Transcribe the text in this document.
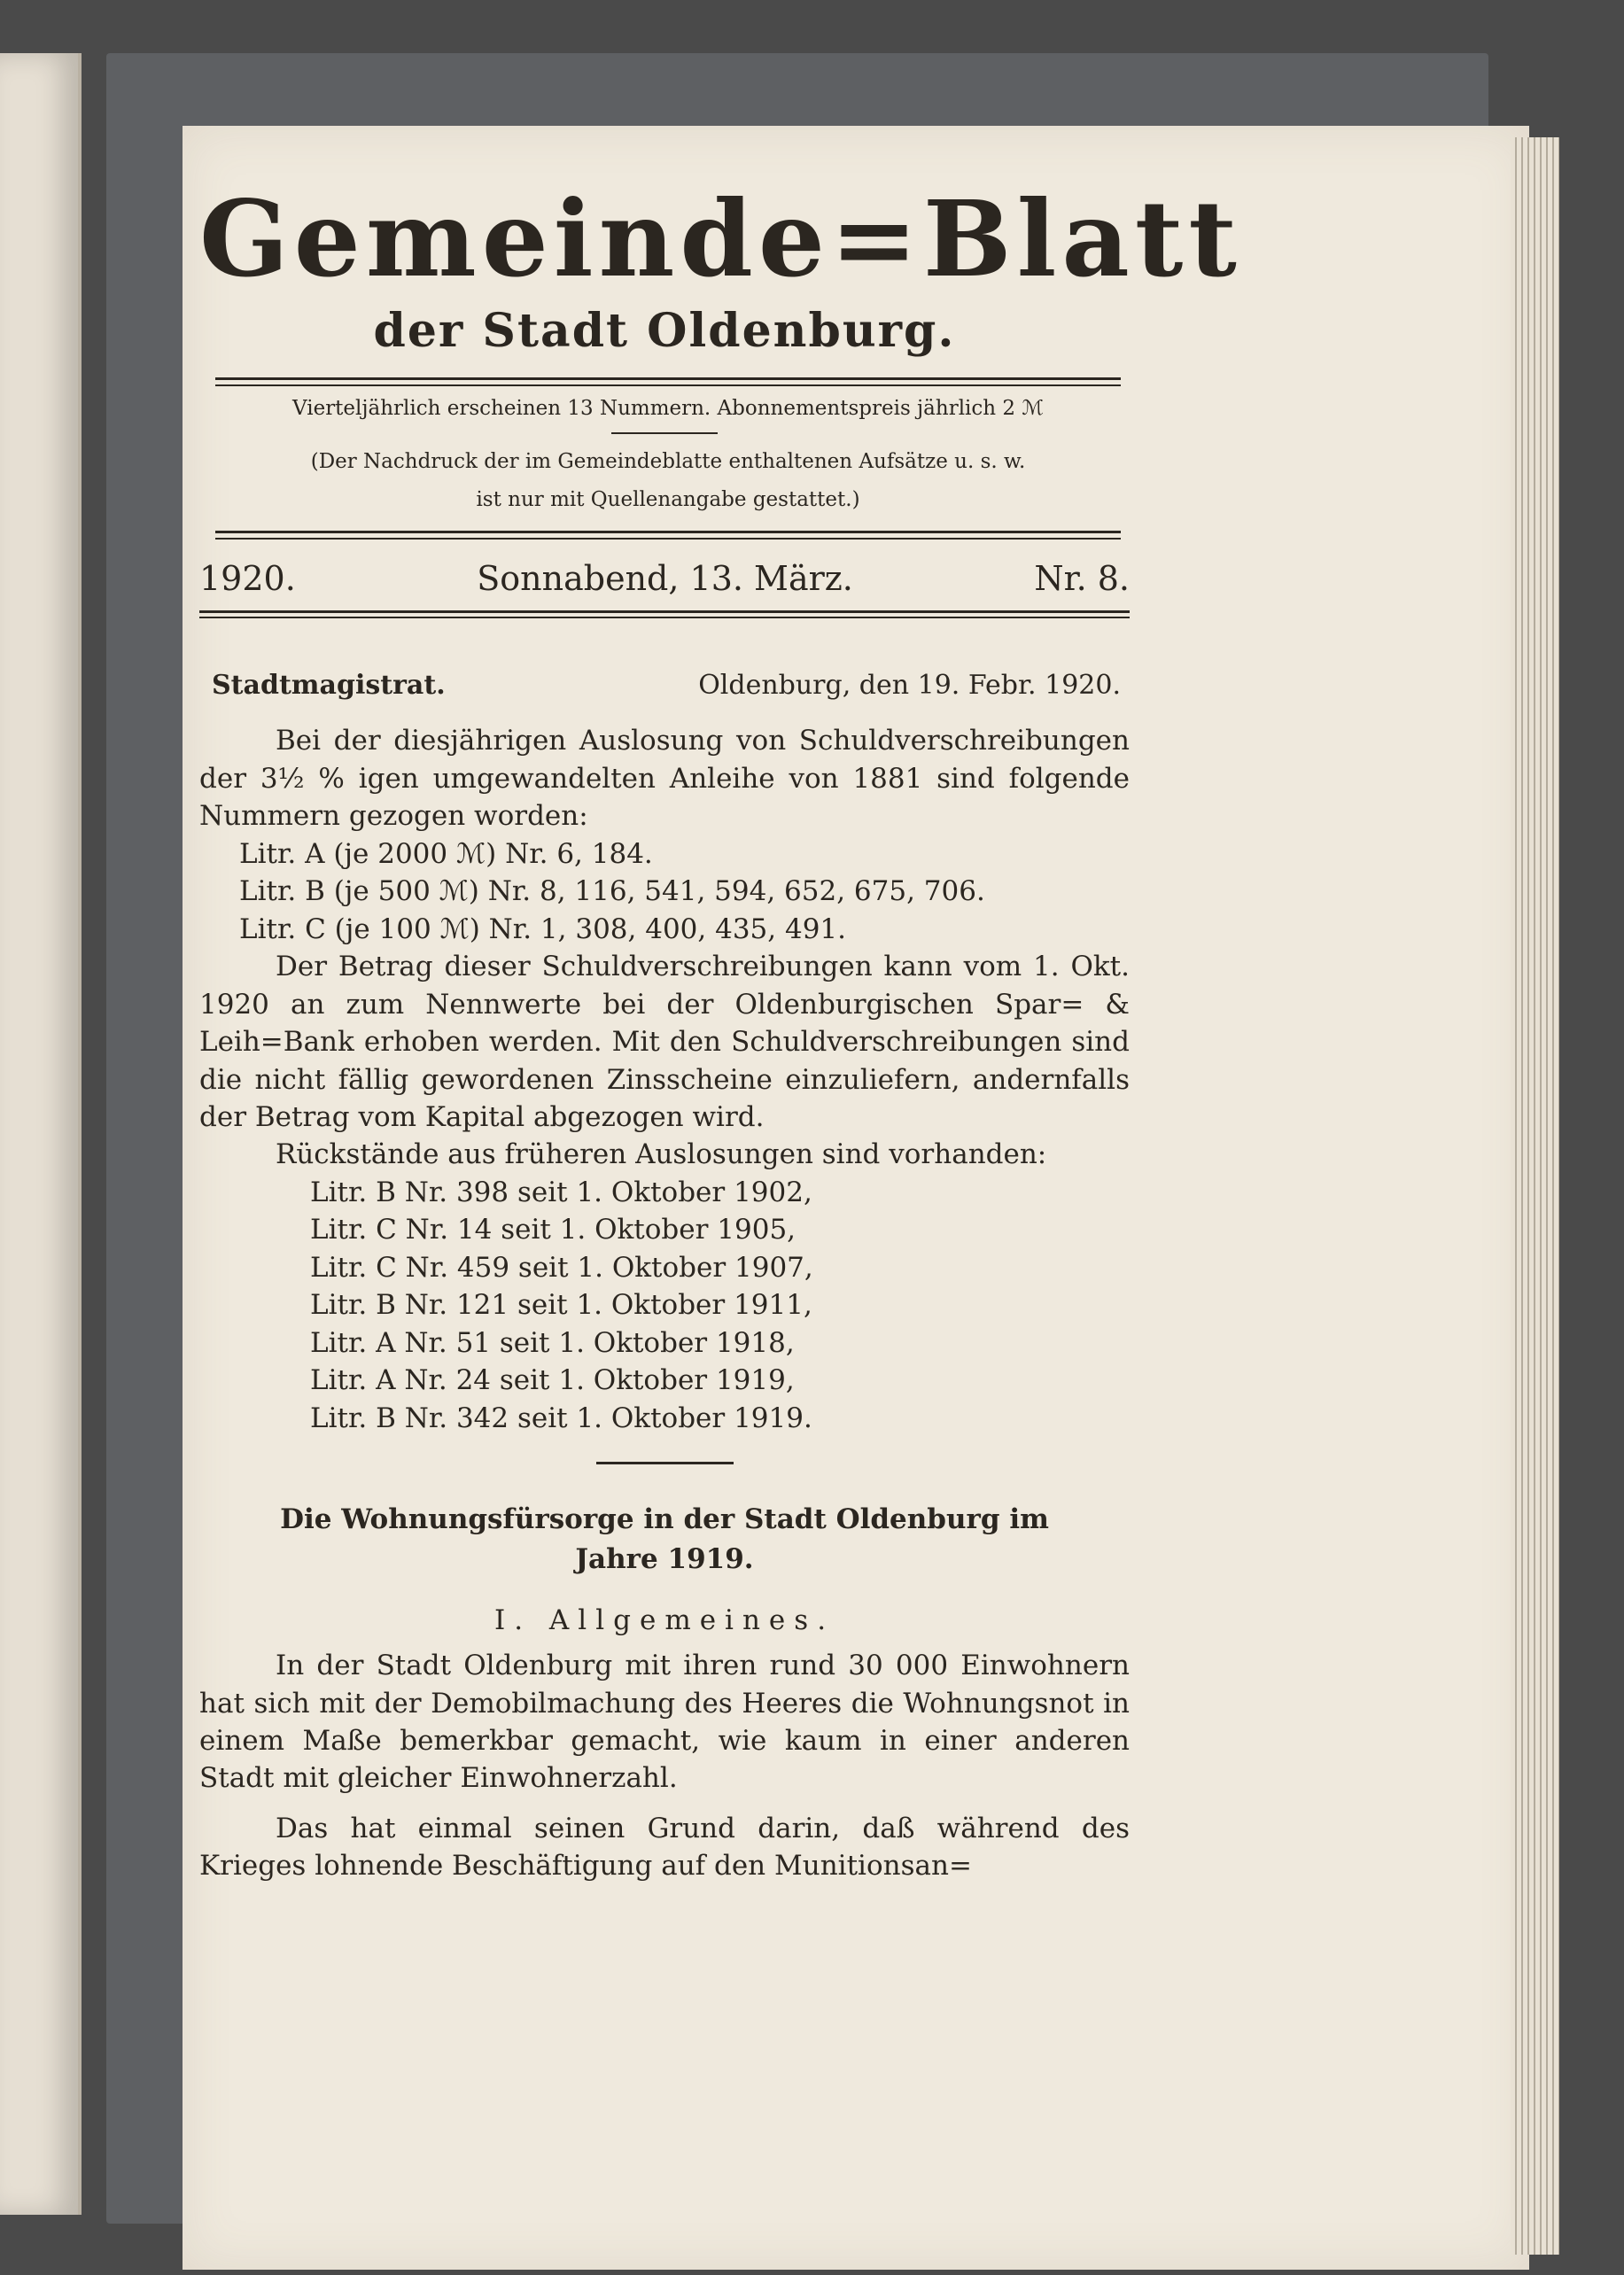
Gemeinde=Blatt
der Stadt Oldenburg.
Vierteljährlich erscheinen 13 Nummern. Abonnementspreis jährlich 2 ℳ
(Der Nachdruck der im Gemeindeblatte enthaltenen Aufsätze u. s. w.
ist nur mit Quellenangabe gestattet.)
1920.	Sonnabend, 13. März.	Nr. 8.
Stadtmagistrat.	Oldenburg, den 19. Febr. 1920.

Bei der diesjährigen Auslosung von Schuldverschreibungen der 3½ % igen umgewandelten Anleihe von 1881 sind folgende Nummern gezogen worden:

Litr. A (je 2000 ℳ) Nr. 6, 184.
Litr. B (je 500 ℳ) Nr. 8, 116, 541, 594, 652, 675, 706.
Litr. C (je 100 ℳ) Nr. 1, 308, 400, 435, 491.

Der Betrag dieser Schuldverschreibungen kann vom 1. Okt. 1920 an zum Nennwerte bei der Oldenburgischen Spar= & Leih=Bank erhoben werden. Mit den Schuldverschreibungen sind die nicht fällig gewordenen Zinsscheine einzuliefern, andernfalls der Betrag vom Kapital abgezogen wird.

Rückstände aus früheren Auslosungen sind vorhanden:

Litr. B Nr. 398 seit 1. Oktober 1902,
Litr. C Nr. 14 seit 1. Oktober 1905,
Litr. C Nr. 459 seit 1. Oktober 1907,
Litr. B Nr. 121 seit 1. Oktober 1911,
Litr. A Nr. 51 seit 1. Oktober 1918,
Litr. A Nr. 24 seit 1. Oktober 1919,
Litr. B Nr. 342 seit 1. Oktober 1919.
Die Wohnungsfürsorge in der Stadt Oldenburg im
Jahre 1919.
I. Allgemeines.

In der Stadt Oldenburg mit ihren rund 30 000 Einwohnern hat sich mit der Demobilmachung des Heeres die Wohnungsnot in einem Maße bemerkbar gemacht, wie kaum in einer anderen Stadt mit gleicher Einwohnerzahl.

Das hat einmal seinen Grund darin, daß während des Krieges lohnende Beschäftigung auf den Munitionsan=
